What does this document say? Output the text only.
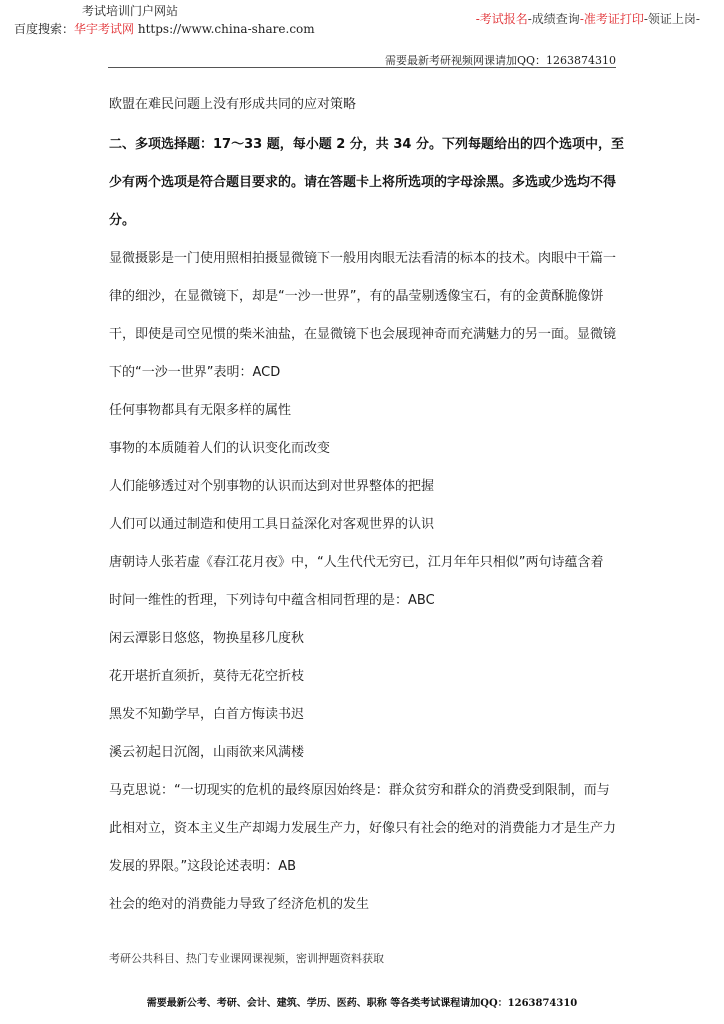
考试培训门户网站
百度搜索：华宇考试网 https://www.china-share.com
-考试报名-成绩查询-准考证打印-领证上岗-
需要最新考研视频网课请加QQ：1263874310
欧盟在难民问题上没有形成共同的应对策略
二、多项选择题：17～33 题，每小题 2 分，共 34 分。下列每题给出的四个选项中，至
少有两个选项是符合题目要求的。请在答题卡上将所选项的字母涂黑。多选或少选均不得
分。
显微摄影是一门使用照相拍摄显微镜下一般用肉眼无法看清的标本的技术。肉眼中干篇一
律的细沙，在显微镜下，却是“一沙一世界”，有的晶莹剔透像宝石，有的金黄酥脆像饼
干，即使是司空见惯的柴米油盐，在显微镜下也会展现神奇而充满魅力的另一面。显微镜
下的“一沙一世界”表明：ACD
任何事物都具有无限多样的属性
事物的本质随着人们的认识变化而改变
人们能够透过对个别事物的认识而达到对世界整体的把握
人们可以通过制造和使用工具日益深化对客观世界的认识
唐朝诗人张若虚《春江花月夜》中，“人生代代无穷已，江月年年只相似”两句诗蕴含着
时间一维性的哲理，下列诗句中蕴含相同哲理的是：ABC
闲云潭影日悠悠，物换星移几度秋
花开堪折直须折，莫待无花空折枝
黑发不知勤学早，白首方悔读书迟
溪云初起日沉阁，山雨欲来风满楼
马克思说：“一切现实的危机的最终原因始终是：群众贫穷和群众的消费受到限制，而与
此相对立，资本主义生产却竭力发展生产力，好像只有社会的绝对的消费能力才是生产力
发展的界限。”这段论述表明：AB
社会的绝对的消费能力导致了经济危机的发生
考研公共科目、热门专业课网课视频，密训押题资料获取
需要最新公考、考研、会计、建筑、学历、医药、职称 等各类考试课程请加QQ：1263874310
